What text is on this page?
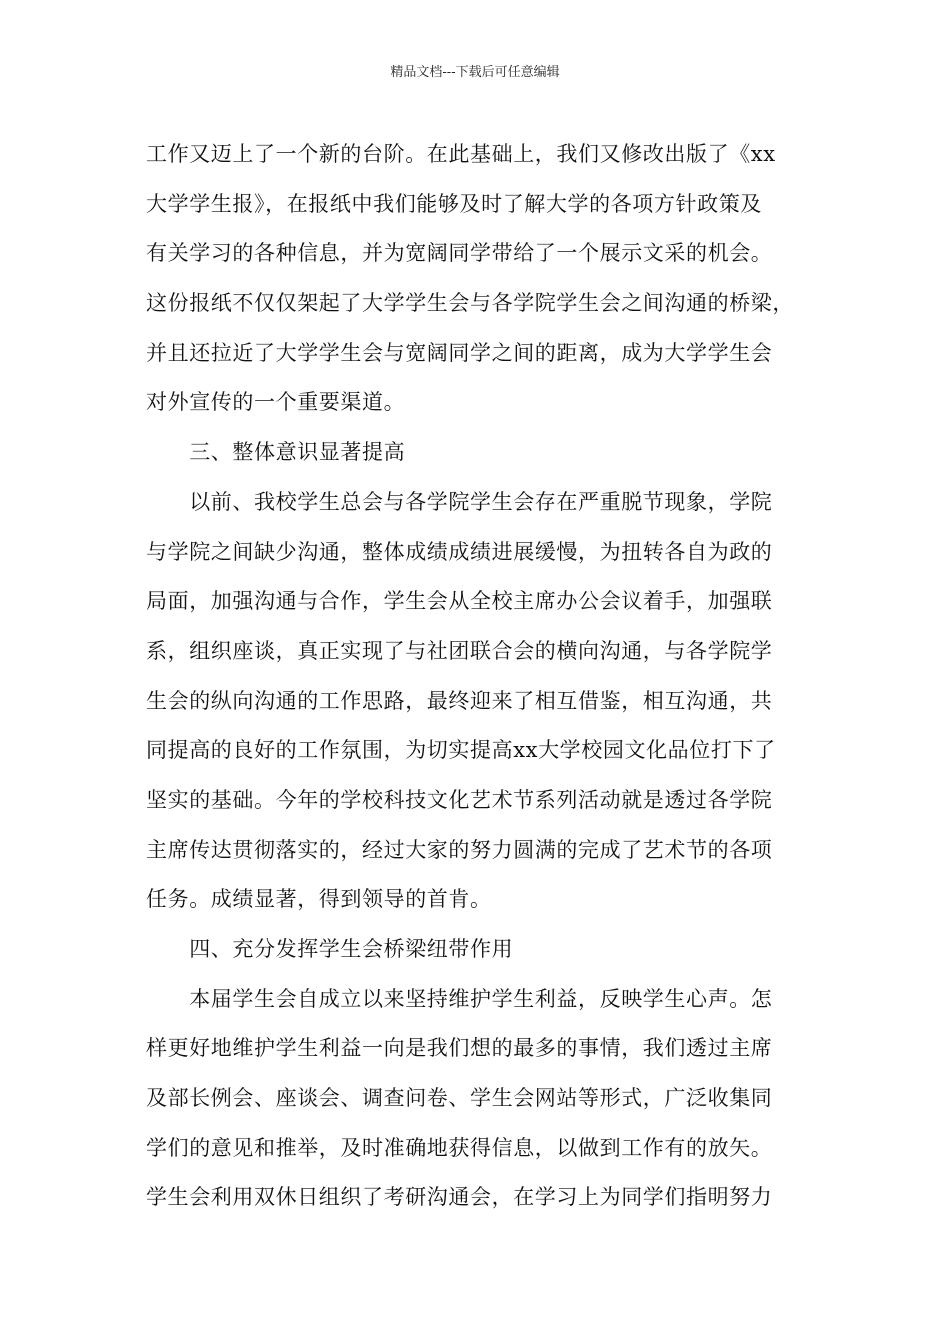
精品文档---下载后可任意编辑
工作又迈上了一个新的台阶。在此基础上，我们又修改出版了《xx
大学学生报》，在报纸中我们能够及时了解大学的各项方针政策及
有关学习的各种信息，并为宽阔同学带给了一个展示文采的机会。
这份报纸不仅仅架起了大学学生会与各学院学生会之间沟通的桥梁，
并且还拉近了大学学生会与宽阔同学之间的距离，成为大学学生会
对外宣传的一个重要渠道。
　　三、整体意识显著提高
　　以前、我校学生总会与各学院学生会存在严重脱节现象，学院
与学院之间缺少沟通，整体成绩成绩进展缓慢，为扭转各自为政的
局面，加强沟通与合作，学生会从全校主席办公会议着手，加强联
系，组织座谈，真正实现了与社团联合会的横向沟通，与各学院学
生会的纵向沟通的工作思路，最终迎来了相互借鉴，相互沟通，共
同提高的良好的工作氛围，为切实提高xx大学校园文化品位打下了
坚实的基础。今年的学校科技文化艺术节系列活动就是透过各学院
主席传达贯彻落实的，经过大家的努力圆满的完成了艺术节的各项
任务。成绩显著，得到领导的首肯。
　　四、充分发挥学生会桥梁纽带作用
　　本届学生会自成立以来坚持维护学生利益，反映学生心声。怎
样更好地维护学生利益一向是我们想的最多的事情，我们透过主席
及部长例会、座谈会、调查问卷、学生会网站等形式，广泛收集同
学们的意见和推举，及时准确地获得信息，以做到工作有的放矢。
学生会利用双休日组织了考研沟通会，在学习上为同学们指明努力
